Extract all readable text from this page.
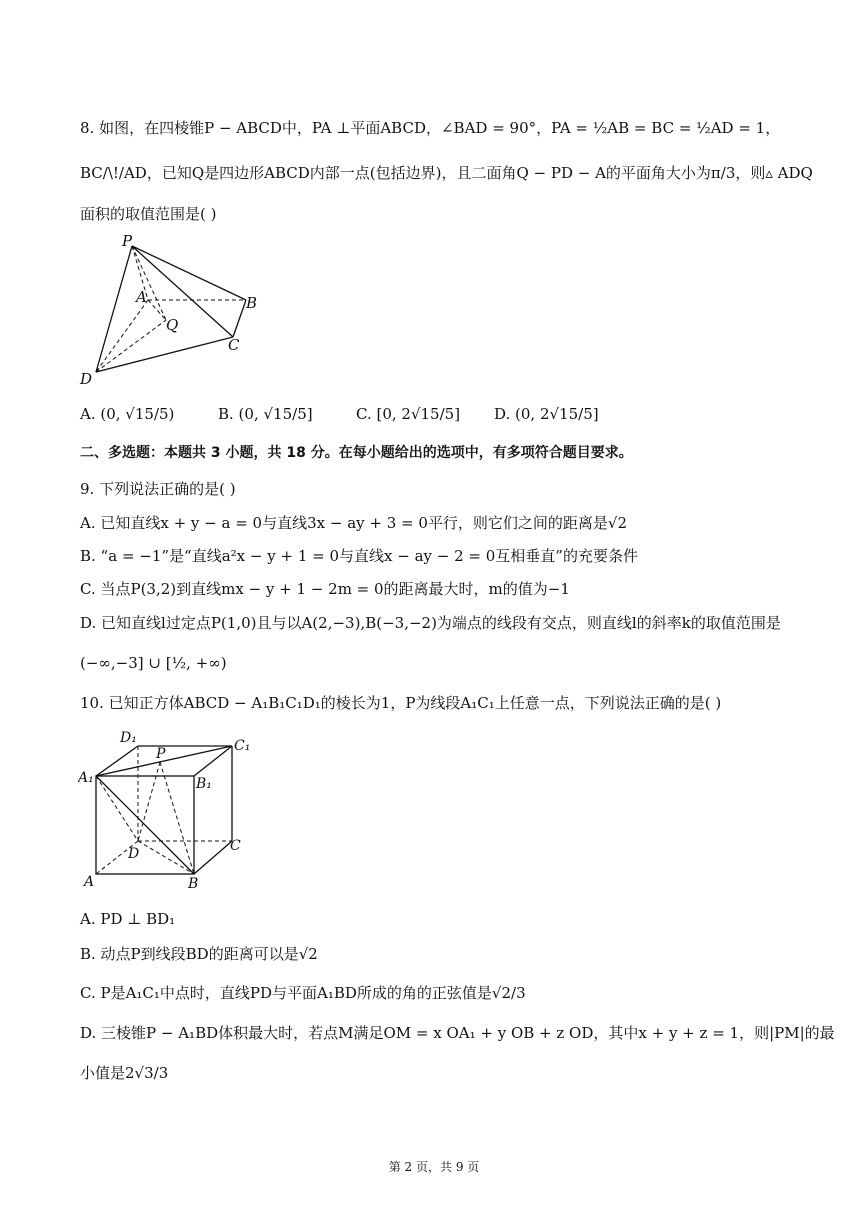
8. 如图，在四棱锥P − ABCD中，PA ⊥平面ABCD，∠BAD = 90°，PA = ½AB = BC = ½AD = 1，
BC/\!/AD，已知Q是四边形ABCD内部一点(包括边界)，且二面角Q − PD − A的平面角大小为π/3，则▵ ADQ
面积的取值范围是( )
P
A	B
Q
C
D
A. (0, √15/5)	B. (0, √15/5]	C. [0, 2√15/5] D. (0, 2√15/5]
二、多选题：本题共 3 小题，共 18 分。在每小题给出的选项中，有多项符合题目要求。
9. 下列说法正确的是( )
A. 已知直线x + y − a = 0与直线3x − ay + 3 = 0平行，则它们之间的距离是√2
B. “a = −1”是“直线a²x − y + 1 = 0与直线x − ay − 2 = 0互相垂直”的充要条件
C. 当点P(3,2)到直线mx − y + 1 − 2m = 0的距离最大时，m的值为−1
D. 已知直线l过定点P(1,0)且与以A(2,−3),B(−3,−2)为端点的线段有交点，则直线l的斜率k的取值范围是
(−∞,−3] ∪ [½, +∞)
10. 已知正方体ABCD − A₁B₁C₁D₁的棱长为1，P为线段A₁C₁上任意一点，下列说法正确的是( )
D₁
P	C₁
A₁	B₁
D	C
A	B
A. PD ⊥ BD₁
B. 动点P到线段BD的距离可以是√2
C. P是A₁C₁中点时，直线PD与平面A₁BD所成的角的正弦值是√2/3
D. 三棱锥P − A₁BD体积最大时，若点M满足OM = x OA₁ + y OB + z OD，其中x + y + z = 1，则|PM|的最
小值是2√3/3
第 2 页，共 9 页
